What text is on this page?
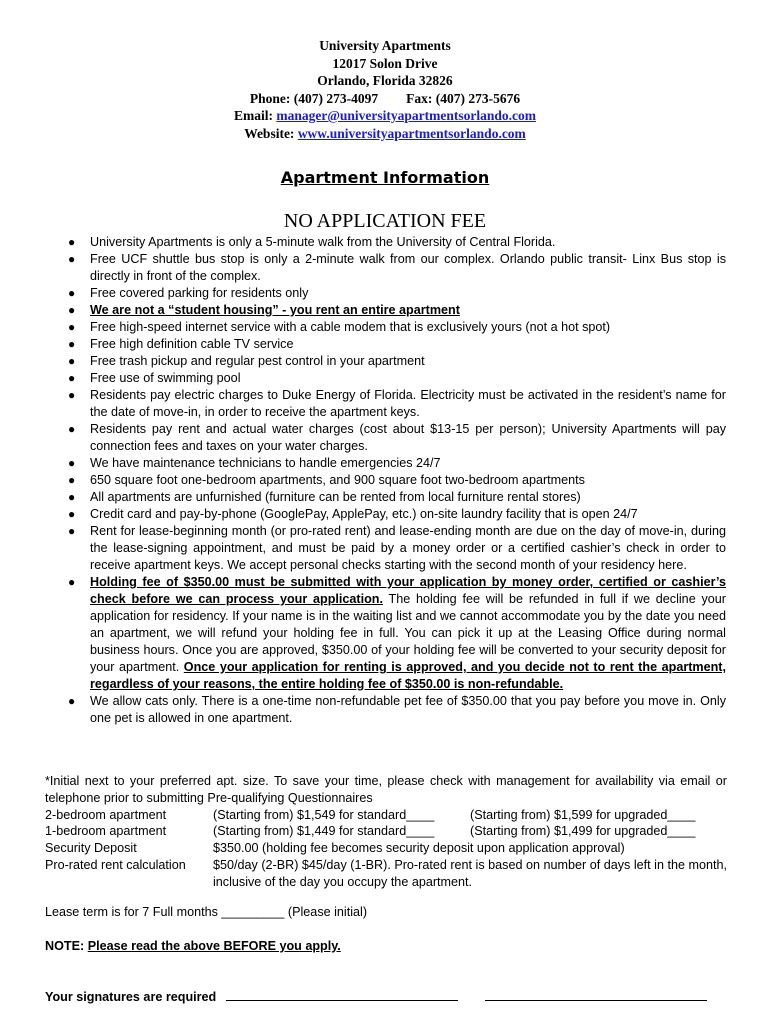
University Apartments
12017 Solon Drive
Orlando, Florida 32826
Phone: (407) 273-4097 Fax: (407) 273-5676
Email: manager@universityapartmentsorlando.com
Website: www.universityapartmentsorlando.com
Apartment Information
NO APPLICATION FEE
● University Apartments is only a 5-minute walk from the University of Central Florida.
● Free UCF shuttle bus stop is only a 2-minute walk from our complex. Orlando public transit- Linx Bus stop is directly in front of the complex.
● Free covered parking for residents only
● We are not a “student housing” - you rent an entire apartment
● Free high-speed internet service with a cable modem that is exclusively yours (not a hot spot)
● Free high definition cable TV service
● Free trash pickup and regular pest control in your apartment
● Free use of swimming pool
● Residents pay electric charges to Duke Energy of Florida. Electricity must be activated in the resident’s name for the date of move-in, in order to receive the apartment keys.
● Residents pay rent and actual water charges (cost about $13-15 per person); University Apartments will pay connection fees and taxes on your water charges.
● We have maintenance technicians to handle emergencies 24/7
● 650 square foot one-bedroom apartments, and 900 square foot two-bedroom apartments
● All apartments are unfurnished (furniture can be rented from local furniture rental stores)
● Credit card and pay-by-phone (GooglePay, ApplePay, etc.) on-site laundry facility that is open 24/7
● Rent for lease-beginning month (or pro-rated rent) and lease-ending month are due on the day of move-in, during the lease-signing appointment, and must be paid by a money order or a certified cashier’s check in order to receive apartment keys. We accept personal checks starting with the second month of your residency here.
● Holding fee of $350.00 must be submitted with your application by money order, certified or cashier’s check before we can process your application. The holding fee will be refunded in full if we decline your application for residency. If your name is in the waiting list and we cannot accommodate you by the date you need an apartment, we will refund your holding fee in full. You can pick it up at the Leasing Office during normal business hours. Once you are approved, $350.00 of your holding fee will be converted to your security deposit for your apartment. Once your application for renting is approved, and you decide not to rent the apartment, regardless of your reasons, the entire holding fee of $350.00 is non-refundable.
● We allow cats only. There is a one-time non-refundable pet fee of $350.00 that you pay before you move in. Only one pet is allowed in one apartment.
*Initial next to your preferred apt. size. To save your time, please check with management for availability via email or telephone prior to submitting Pre-qualifying Questionnaires
2-bedroom apartment	(Starting from) $1,549 for standard____	(Starting from) $1,599 for upgraded____
1-bedroom apartment	(Starting from) $1,449 for standard____	(Starting from) $1,499 for upgraded____
Security Deposit	$350.00 (holding fee becomes security deposit upon application approval)
Pro-rated rent calculation	$50/day (2-BR) $45/day (1-BR). Pro-rated rent is based on number of days left in the month, inclusive of the day you occupy the apartment.
Lease term is for 7 Full months _________ (Please initial)
NOTE: Please read the above BEFORE you apply.
Your signatures are required
